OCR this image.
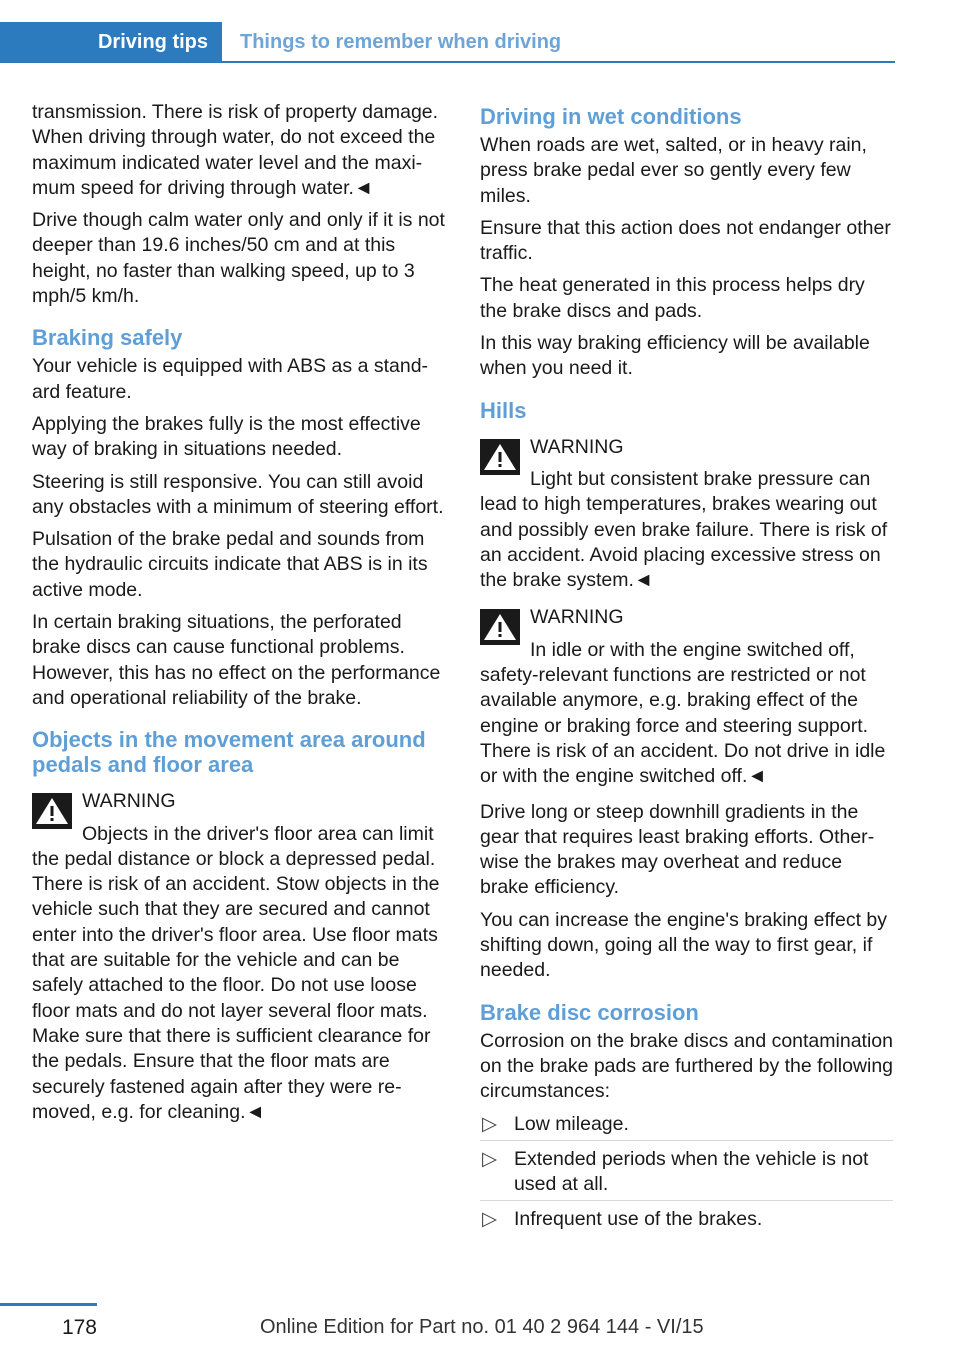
Driving tips	Things to remember when driving

transmission. There is risk of property damage. When driving through water, do not exceed the maximum indicated water level and the maximum speed for driving through water.◄

Drive though calm water only and only if it is not deeper than 19.6 inches/50 cm and at this height, no faster than walking speed, up to 3 mph/5 km/h.

Braking safely

Your vehicle is equipped with ABS as a standard feature.

Applying the brakes fully is the most effective way of braking in situations needed.

Steering is still responsive. You can still avoid any obstacles with a minimum of steering effort.

Pulsation of the brake pedal and sounds from the hydraulic circuits indicate that ABS is in its active mode.

In certain braking situations, the perforated brake discs can cause functional problems. However, this has no effect on the performance and operational reliability of the brake.

Objects in the movement area around pedals and floor area
WARNING
Objects in the driver's floor area can limit the pedal distance or block a depressed pedal. There is risk of an accident. Stow objects in the vehicle such that they are secured and cannot enter into the driver's floor area. Use floor mats that are suitable for the vehicle and can be safely attached to the floor. Do not use loose floor mats and do not layer several floor mats. Make sure that there is sufficient clearance for the pedals. Ensure that the floor mats are securely fastened again after they were removed, e.g. for cleaning.◄
Driving in wet conditions

When roads are wet, salted, or in heavy rain, press brake pedal ever so gently every few miles.

Ensure that this action does not endanger other traffic.

The heat generated in this process helps dry the brake discs and pads.

In this way braking efficiency will be available when you need it.

Hills
WARNING
Light but consistent brake pressure can lead to high temperatures, brakes wearing out and possibly even brake failure. There is risk of an accident. Avoid placing excessive stress on the brake system.◄
WARNING
In idle or with the engine switched off, safety-relevant functions are restricted or not available anymore, e.g. braking effect of the engine or braking force and steering support. There is risk of an accident. Do not drive in idle or with the engine switched off.◄

Drive long or steep downhill gradients in the gear that requires least braking efforts. Otherwise the brakes may overheat and reduce brake efficiency.

You can increase the engine's braking effect by shifting down, going all the way to first gear, if needed.

Brake disc corrosion

Corrosion on the brake discs and contamination on the brake pads are furthered by the following circumstances:

▷ Low mileage.
▷ Extended periods when the vehicle is not used at all.
▷ Infrequent use of the brakes.
178	Online Edition for Part no. 01 40 2 964 144 - VI/15
